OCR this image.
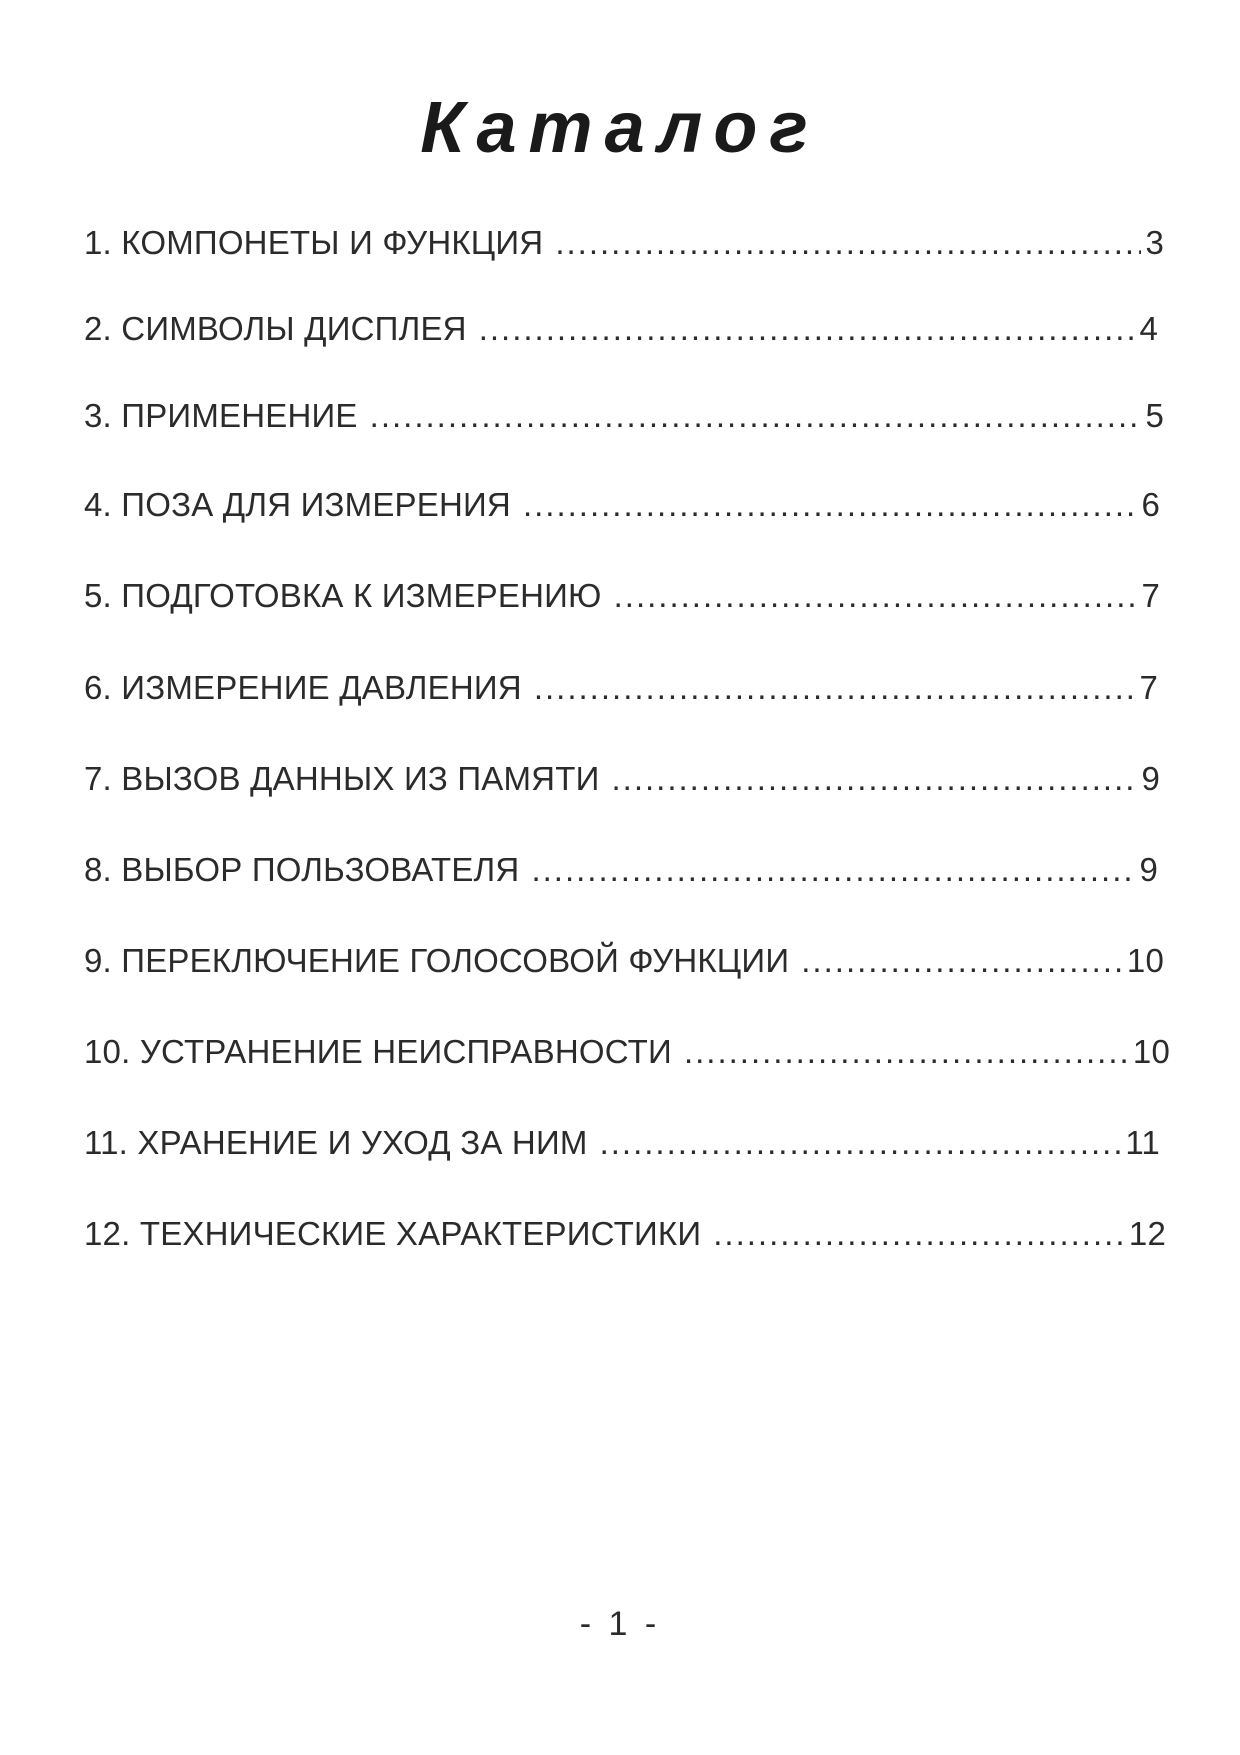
Каталог
1. КОМПОНЕТЫ И ФУНКЦИЯ .....	3
2. СИМВОЛЫ ДИСПЛЕЯ .....	4
3. ПРИМЕНЕНИЕ .....	5
4. ПОЗА ДЛЯ ИЗМЕРЕНИЯ .....	6
5. ПОДГОТОВКА К ИЗМЕРЕНИЮ .....	7
6. ИЗМЕРЕНИЕ ДАВЛЕНИЯ .....	7
7. ВЫЗОВ ДАННЫХ ИЗ ПАМЯТИ .....	9
8. ВЫБОР ПОЛЬЗОВАТЕЛЯ .....	9
9. ПЕРЕКЛЮЧЕНИЕ ГОЛОСОВОЙ ФУНКЦИИ .....	10
10. УСТРАНЕНИЕ НЕИСПРАВНОСТИ .....	10
11. ХРАНЕНИЕ И УХОД ЗА НИМ .....	11
12. ТЕХНИЧЕСКИЕ ХАРАКТЕРИСТИКИ .....	12
- 1 -
